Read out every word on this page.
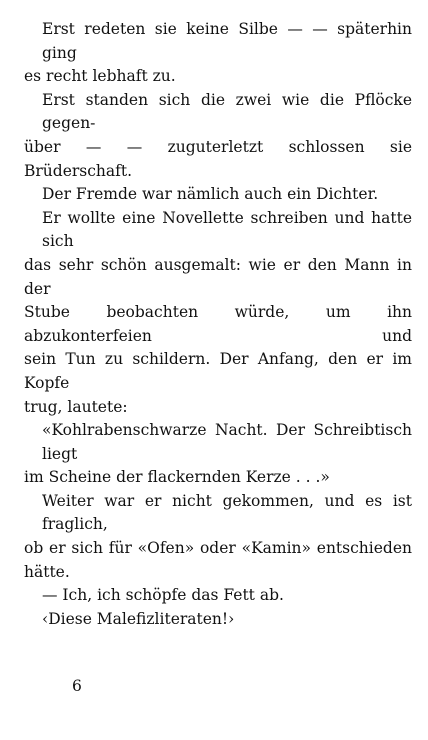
Erst redeten sie keine Silbe — — späterhin ging
es recht lebhaft zu.

Erst standen sich die zwei wie die Pflöcke gegen-
über — — zuguterletzt schlossen sie Brüderschaft.

Der Fremde war nämlich auch ein Dichter.

Er wollte eine Novellette schreiben und hatte sich
das sehr schön ausgemalt: wie er den Mann in der
Stube beobachten würde, um ihn abzukonterfeien und
sein Tun zu schildern. Der Anfang, den er im Kopfe
trug, lautete:

«Kohlrabenschwarze Nacht. Der Schreibtisch liegt
im Scheine der flackernden Kerze . . .»

Weiter war er nicht gekommen, und es ist fraglich,
ob er sich für «Ofen» oder «Kamin» entschieden hätte.

— Ich, ich schöpfe das Fett ab.

‹Diese Malefizliteraten!›

6
